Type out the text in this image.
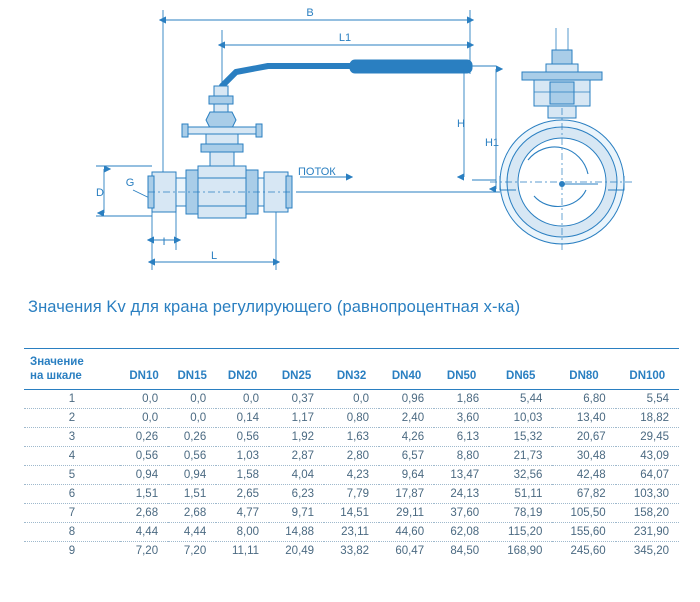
B
L1
H
H1
D
G
I
L
ПОТОК
Значения Kv для крана регулирующего (равнопроцентная х-ка)

Значение
на шкале	DN10	DN15	DN20	DN25	DN32	DN40	DN50	DN65	DN80	DN100
1	0,0	0,0	0,0	0,37	0,0	0,96	1,86	5,44	6,80	5,54
2	0,0	0,0	0,14	1,17	0,80	2,40	3,60	10,03	13,40	18,82
3	0,26	0,26	0,56	1,92	1,63	4,26	6,13	15,32	20,67	29,45
4	0,56	0,56	1,03	2,87	2,80	6,57	8,80	21,73	30,48	43,09
5	0,94	0,94	1,58	4,04	4,23	9,64	13,47	32,56	42,48	64,07
6	1,51	1,51	2,65	6,23	7,79	17,87	24,13	51,11	67,82	103,30
7	2,68	2,68	4,77	9,71	14,51	29,11	37,60	78,19	105,50	158,20
8	4,44	4,44	8,00	14,88	23,11	44,60	62,08	115,20	155,60	231,90
9	7,20	7,20	11,11	20,49	33,82	60,47	84,50	168,90	245,60	345,20
